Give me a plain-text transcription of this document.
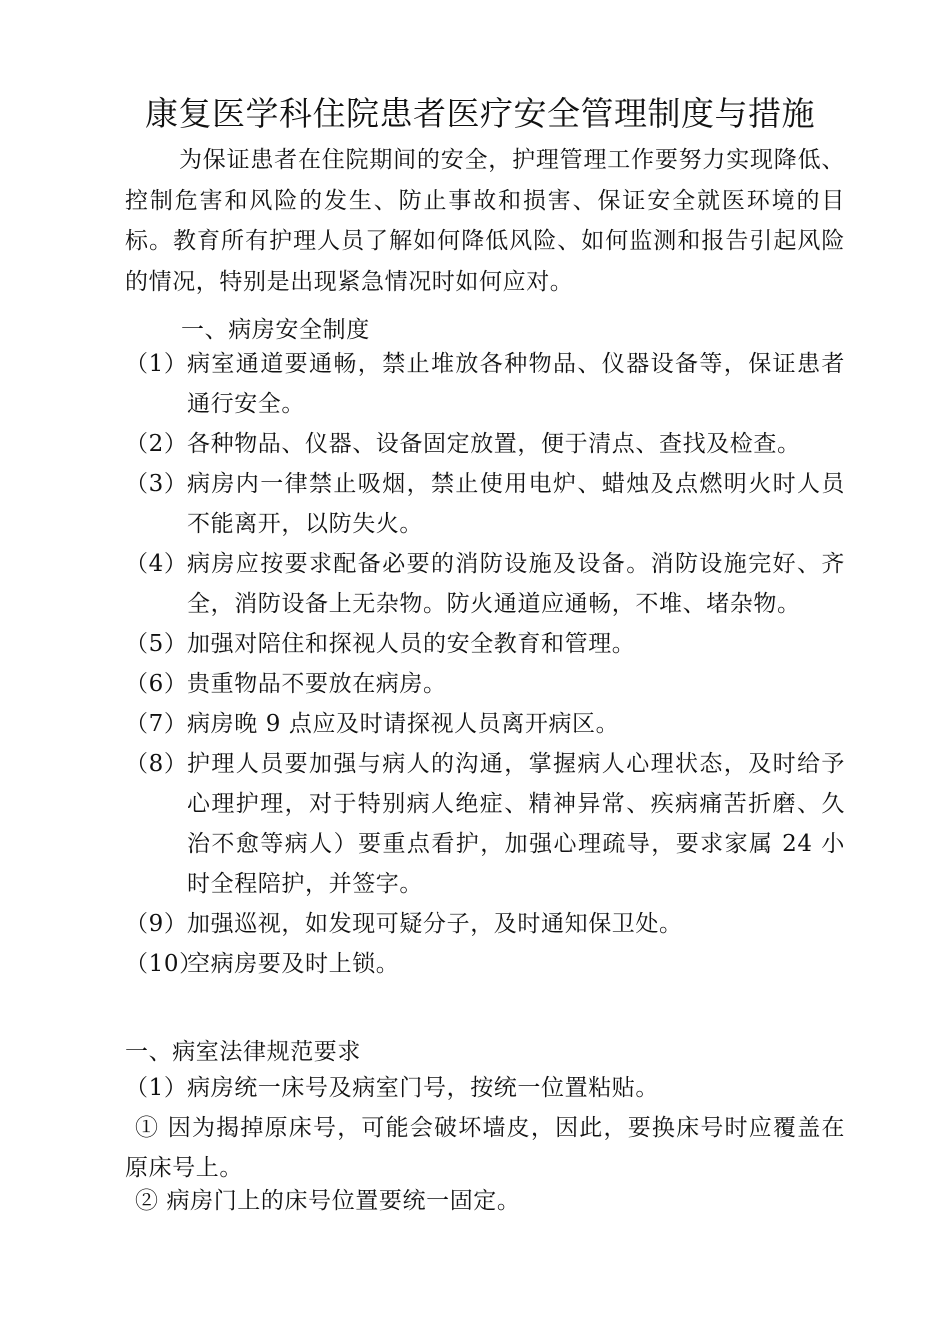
康复医学科住院患者医疗安全管理制度与措施
为保证患者在住院期间的安全，护理管理工作要努力实现降低、控制危害和风险的发生、防止事故和损害、保证安全就医环境的目标。教育所有护理人员了解如何降低风险、如何监测和报告引起风险的情况，特别是出现紧急情况时如何应对。
一、病房安全制度
（1） 病室通道要通畅，禁止堆放各种物品、仪器设备等，保证患者通行安全。
（2） 各种物品、仪器、设备固定放置，便于清点、查找及检查。
（3） 病房内一律禁止吸烟，禁止使用电炉、蜡烛及点燃明火时人员不能离开，以防失火。
（4） 病房应按要求配备必要的消防设施及设备。消防设施完好、齐全，消防设备上无杂物。防火通道应通畅，不堆、堵杂物。
（5） 加强对陪住和探视人员的安全教育和管理。
（6） 贵重物品不要放在病房。
（7） 病房晚 9 点应及时请探视人员离开病区。
（8） 护理人员要加强与病人的沟通，掌握病人心理状态，及时给予心理护理，对于特别病人绝症、精神异常、疾病痛苦折磨、久治不愈等病人）要重点看护，加强心理疏导，要求家属 24 小时全程陪护，并签字。
（9） 加强巡视，如发现可疑分子，及时通知保卫处。
（10）
空病房要及时上锁。
一、病室法律规范要求
（1） 病房统一床号及病室门号，按统一位置粘贴。
① 因为揭掉原床号，可能会破坏墙皮，因此，要换床号时应覆盖在原床号上。
② 病房门上的床号位置要统一固定。
